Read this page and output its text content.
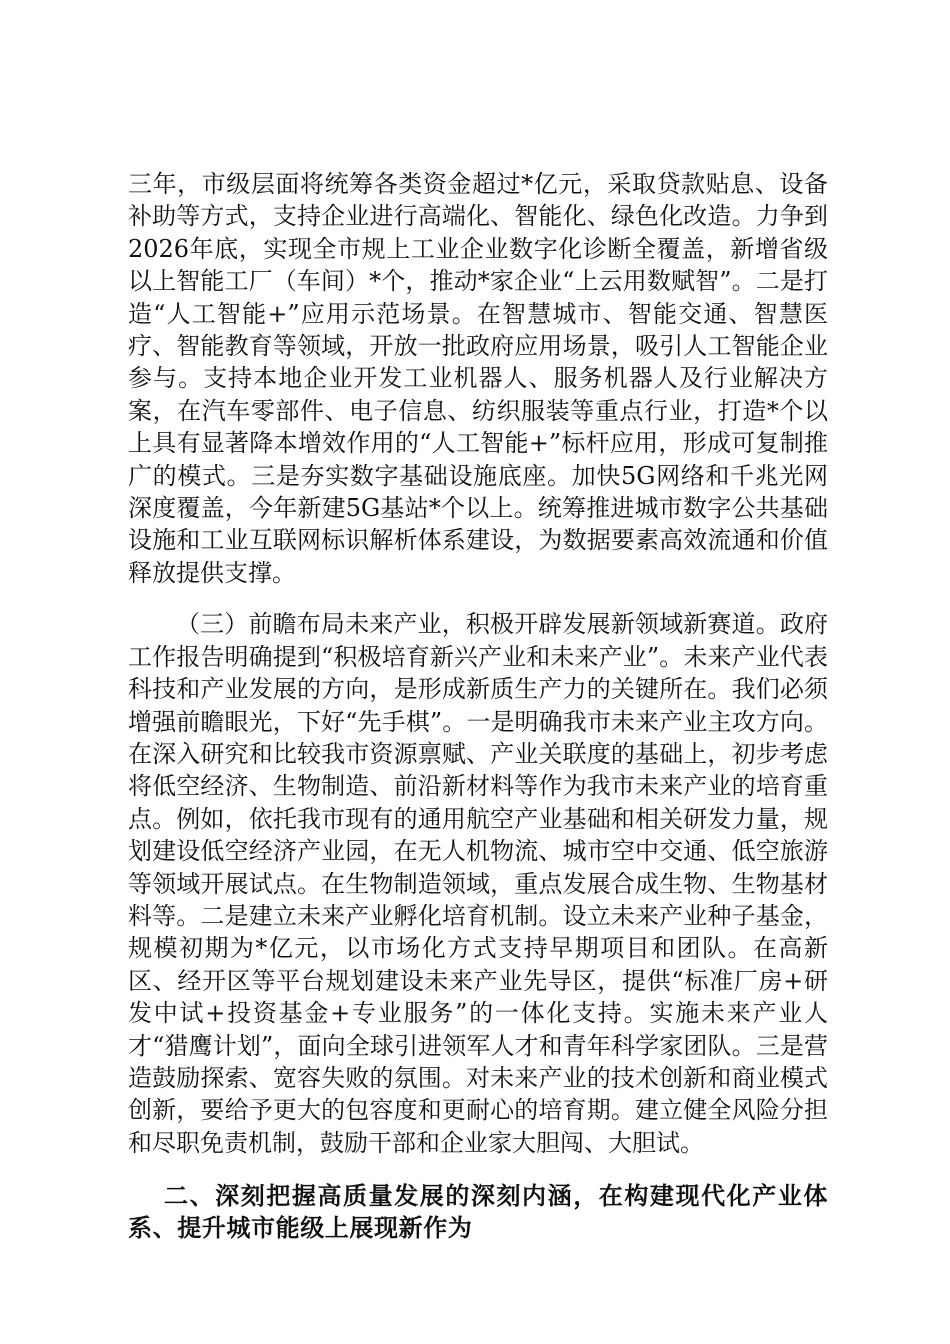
三年，市级层面将统筹各类资金超过*亿元，采取贷款贴息、设备补助等方式，支持企业进行高端化、智能化、绿色化改造。力争到2026年底，实现全市规上工业企业数字化诊断全覆盖，新增省级以上智能工厂（车间）*个，推动*家企业“上云用数赋智”。二是打造“人工智能+”应用示范场景。在智慧城市、智能交通、智慧医疗、智能教育等领域，开放一批政府应用场景，吸引人工智能企业参与。支持本地企业开发工业机器人、服务机器人及行业解决方案，在汽车零部件、电子信息、纺织服装等重点行业，打造*个以上具有显著降本增效作用的“人工智能+”标杆应用，形成可复制推广的模式。三是夯实数字基础设施底座。加快5G网络和千兆光网深度覆盖，今年新建5G基站*个以上。统筹推进城市数字公共基础设施和工业互联网标识解析体系建设，为数据要素高效流通和价值释放提供支撑。

（三）前瞻布局未来产业，积极开辟发展新领域新赛道。政府工作报告明确提到“积极培育新兴产业和未来产业”。未来产业代表科技和产业发展的方向，是形成新质生产力的关键所在。我们必须增强前瞻眼光，下好“先手棋”。一是明确我市未来产业主攻方向。在深入研究和比较我市资源禀赋、产业关联度的基础上，初步考虑将低空经济、生物制造、前沿新材料等作为我市未来产业的培育重点。例如，依托我市现有的通用航空产业基础和相关研发力量，规划建设低空经济产业园，在无人机物流、城市空中交通、低空旅游等领域开展试点。在生物制造领域，重点发展合成生物、生物基材料等。二是建立未来产业孵化培育机制。设立未来产业种子基金，规模初期为*亿元，以市场化方式支持早期项目和团队。在高新区、经开区等平台规划建设未来产业先导区，提供“标准厂房+研发中试+投资基金+专业服务”的一体化支持。实施未来产业人才“猎鹰计划”，面向全球引进领军人才和青年科学家团队。三是营造鼓励探索、宽容失败的氛围。对未来产业的技术创新和商业模式创新，要给予更大的包容度和更耐心的培育期。建立健全风险分担和尽职免责机制，鼓励干部和企业家大胆闯、大胆试。

二、深刻把握高质量发展的深刻内涵，在构建现代化产业体系、提升城市能级上展现新作为
